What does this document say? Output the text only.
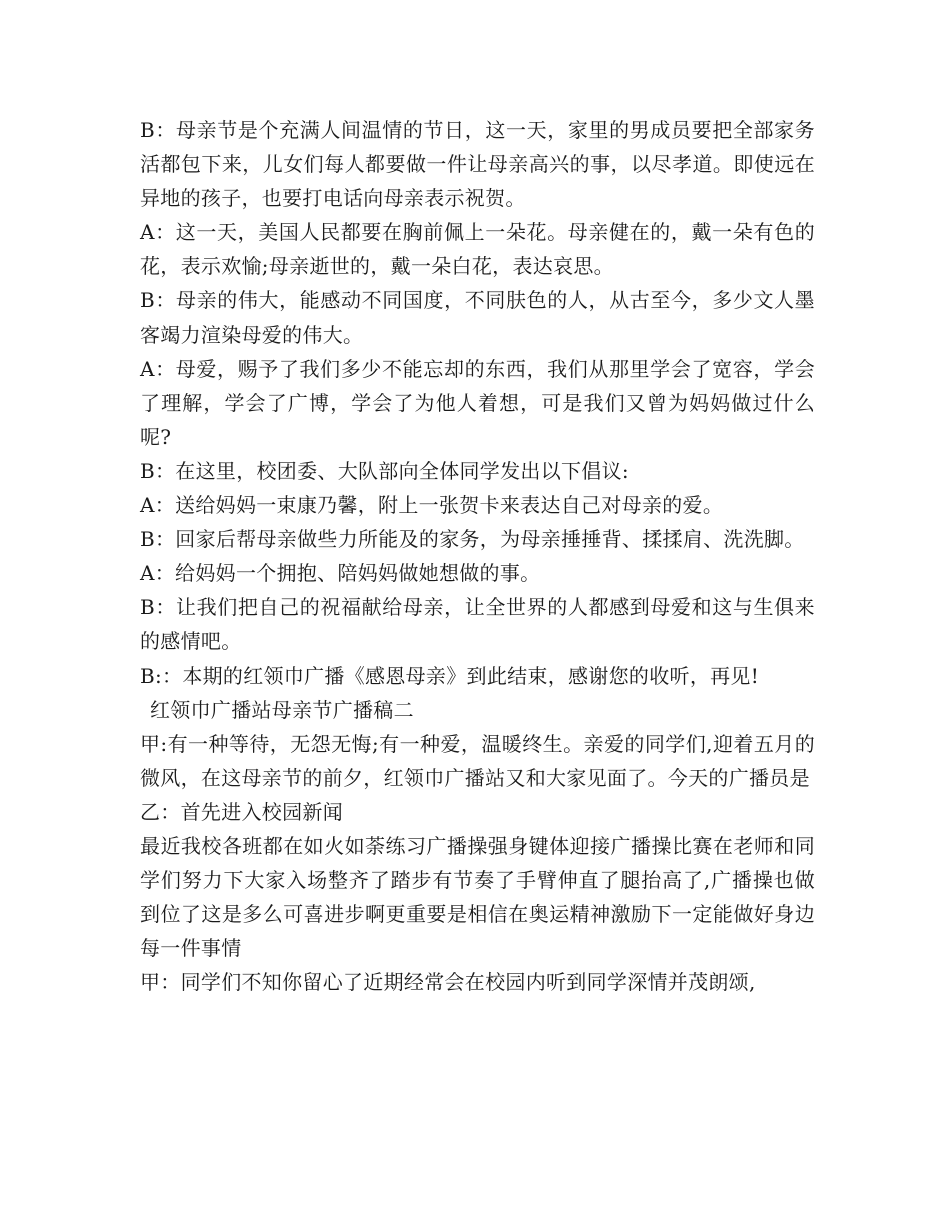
B：母亲节是个充满人间温情的节日，这一天，家里的男成员要把全部家务活都包下来，儿女们每人都要做一件让母亲高兴的事，以尽孝道。即使远在异地的孩子，也要打电话向母亲表示祝贺。

A：这一天，美国人民都要在胸前佩上一朵花。母亲健在的，戴一朵有色的花，表示欢愉;母亲逝世的，戴一朵白花，表达哀思。

B：母亲的伟大，能感动不同国度，不同肤色的人，从古至今，多少文人墨客竭力渲染母爱的伟大。

A：母爱，赐予了我们多少不能忘却的东西，我们从那里学会了宽容，学会了理解，学会了广博，学会了为他人着想，可是我们又曾为妈妈做过什么呢?

B：在这里，校团委、大队部向全体同学发出以下倡议:

A：送给妈妈一束康乃馨，附上一张贺卡来表达自己对母亲的爱。

B：回家后帮母亲做些力所能及的家务，为母亲捶捶背、揉揉肩、洗洗脚。

A：给妈妈一个拥抱、陪妈妈做她想做的事。

B：让我们把自己的祝福献给母亲，让全世界的人都感到母爱和这与生俱来的感情吧。

B:：本期的红领巾广播《感恩母亲》到此结束，感谢您的收听，再见!

红领巾广播站母亲节广播稿二

甲:有一种等待，无怨无悔;有一种爱，温暖终生。亲爱的同学们,迎着五月的微风，在这母亲节的前夕，红领巾广播站又和大家见面了。今天的广播员是

乙：首先进入校园新闻

最近我校各班都在如火如荼练习广播操强身键体迎接广播操比赛在老师和同学们努力下大家入场整齐了踏步有节奏了手臂伸直了腿抬高了,广播操也做到位了这是多么可喜进步啊更重要是相信在奥运精神激励下一定能做好身边每一件事情

甲：同学们不知你留心了近期经常会在校园内听到同学深情并茂朗颂,
